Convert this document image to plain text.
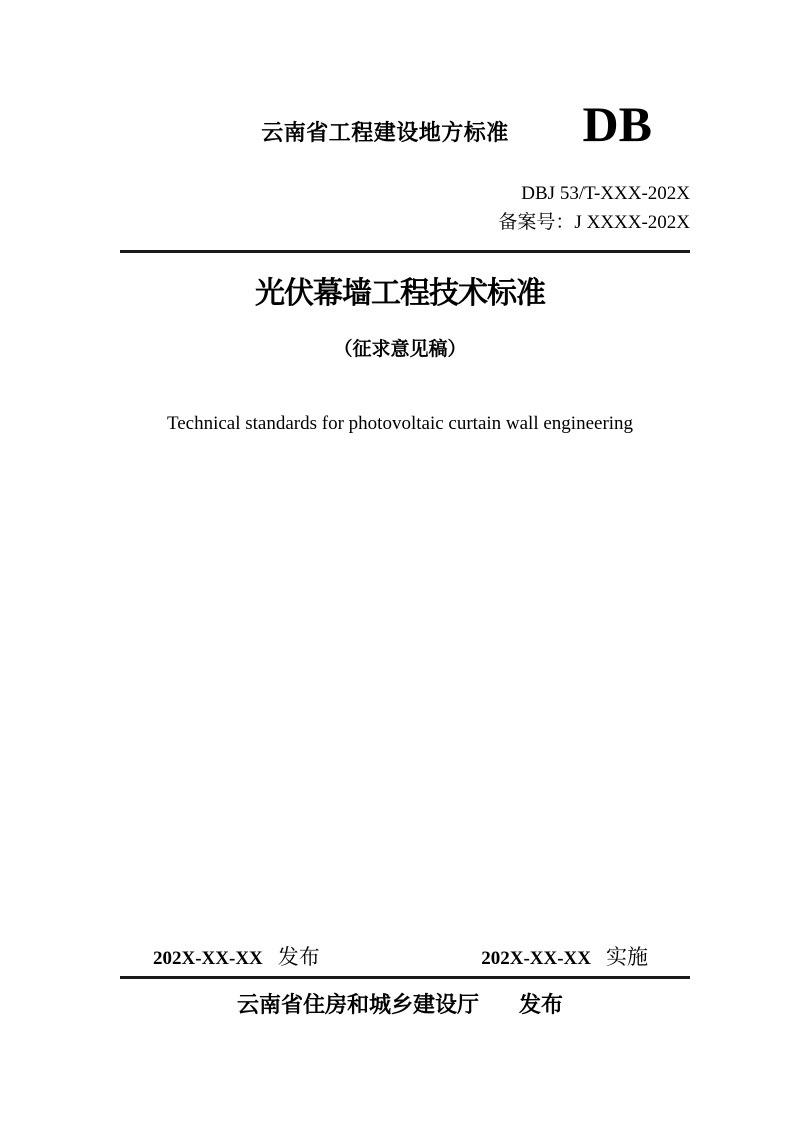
云南省工程建设地方标准	DB
DBJ 53/T-XXX-202X
备案号：J XXXX-202X
光伏幕墙工程技术标准
（征求意见稿）
Technical standards for photovoltaic curtain wall engineering
202X-XX-XX 发布	202X-XX-XX 实施
云南省住房和城乡建设厅 发布
